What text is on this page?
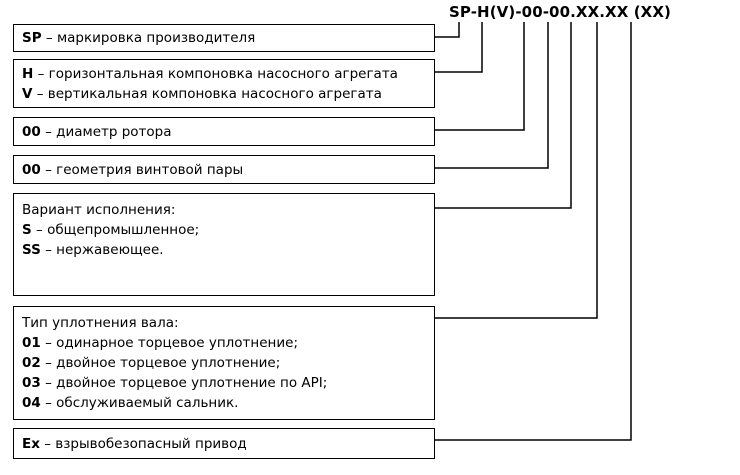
SP-H(V)-00-00.XX.XX (XX)
SP – маркировка производителя
H – горизонтальная компоновка насосного агрегата
V – вертикальная компоновка насосного агрегата
00 – диаметр ротора
00 – геометрия винтовой пары
Вариант исполнения:
S – общепромышленное;
SS – нержавеющее.
Тип уплотнения вала:
01 – одинарное торцевое уплотнение;
02 – двойное торцевое уплотнение;
03 – двойное торцевое уплотнение по API;
04 – обслуживаемый сальник.
Ex – взрывобезопасный привод
